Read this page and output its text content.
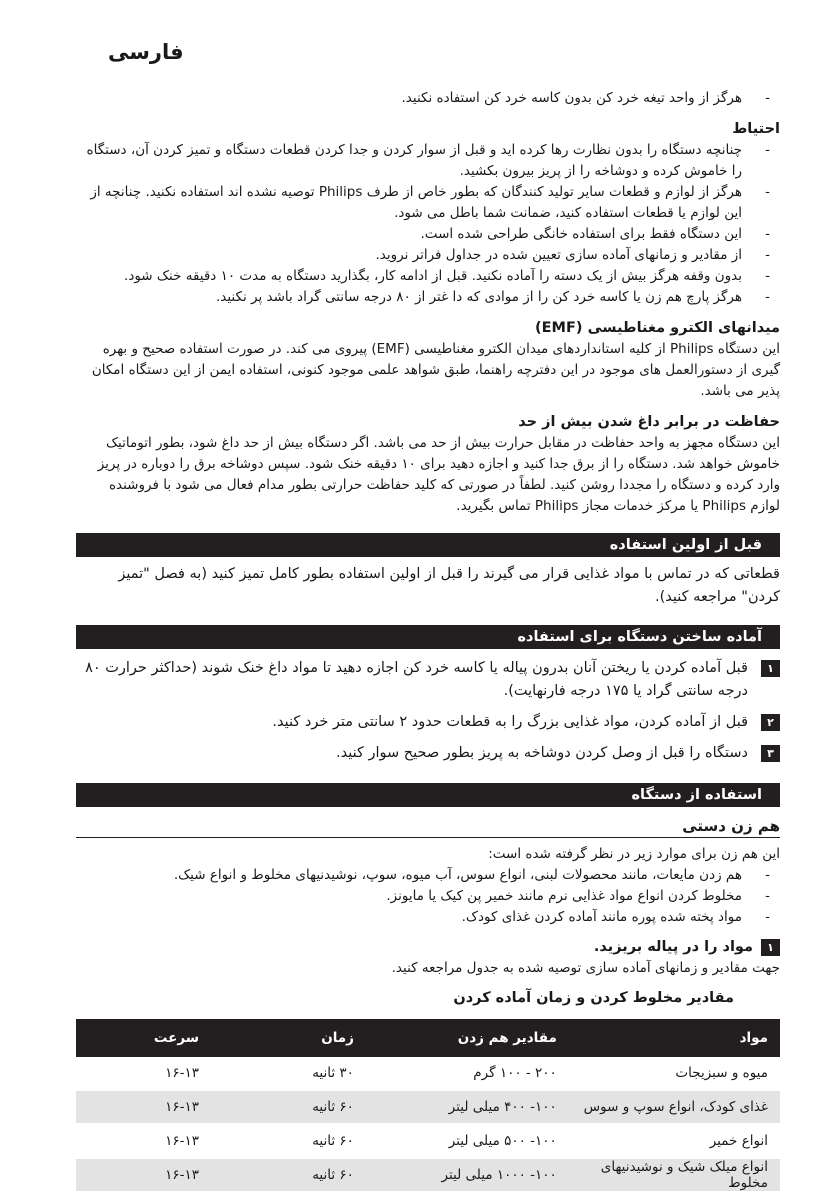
فارسی
- هرگز از واحد تیغه خرد کن بدون کاسه خرد کن استفاده نکنید.
احتیاط
- چنانچه دستگاه را بدون نظارت رها کرده اید و قبل از سوار کردن و جدا کردن قطعات دستگاه و تمیز کردن آن، دستگاه را خاموش کرده و دوشاخه را از پریز بیرون بکشید.
- هرگز از لوازم و قطعات سایر تولید کنندگان که بطور خاص از طرف Philips توصیه نشده اند استفاده نکنید. چنانچه از این لوازم یا قطعات استفاده کنید، ضمانت شما باطل می شود.
- این دستگاه فقط برای استفاده خانگی طراحی شده است.
- از مقادیر و زمانهای آماده سازی تعیین شده در جداول فراتر نروید.
- بدون وقفه هرگز بیش از یک دسته را آماده نکنید. قبل از ادامه کار، بگذارید دستگاه به مدت ۱۰ دقیقه خنک شود.
- هرگز پارچ هم زن یا کاسه خرد کن را از موادی که دا غتر از ۸۰ درجه سانتی گراد باشد پر نکنید.
میدانهای الکترو مغناطیسی (EMF)

این دستگاه Philips از کلیه استانداردهای میدان الکترو مغناطیسی (EMF) پیروی می کند. در صورت استفاده صحیح و بهره گیری از دستورالعمل های موجود در این دفترچه راهنما، طبق شواهد علمی موجود کنونی، استفاده ایمن از این دستگاه امکان پذیر می باشد.

حفاظت در برابر داغ شدن بیش از حد

این دستگاه مجهز به واحد حفاظت در مقابل حرارت بیش از حد می باشد. اگر دستگاه بیش از حد داغ شود، بطور اتوماتیک خاموش خواهد شد. دستگاه را از برق جدا کنید و اجازه دهید برای ۱۰ دقیقه خنک شود. سپس دوشاخه برق را دوباره در پریز وارد کرده و دستگاه را مجددا روشن کنید. لطفاً در صورتی که کلید حفاظت حرارتی بطور مدام فعال می شود با فروشنده لوازم Philips یا مرکز خدمات مجاز Philips تماس بگیرید.

قبل از اولین استفاده

قطعاتی که در تماس با مواد غذایی قرار می گیرند را قبل از اولین استفاده بطور کامل تمیز کنید (به فصل "تمیز کردن" مراجعه کنید).

آماده ساختن دستگاه برای استفاده
۱
قبل آماده کردن یا ریختن آنان بدرون پیاله یا کاسه خرد کن اجازه دهید تا مواد داغ خنک شوند (حداکثر حرارت ۸۰ درجه سانتی گراد یا ۱۷۵ درجه فارنهایت).
۲
قبل از آماده کردن، مواد غذایی بزرگ را به قطعات حدود ۲ سانتی متر خرد کنید.
۳
دستگاه را قبل از وصل کردن دوشاخه به پریز بطور صحیح سوار کنید.
استفاده از دستگاه
هم زن دستی

این هم زن برای موارد زیر در نظر گرفته شده است:

- هم زدن مایعات، مانند محصولات لبنی، انواع سوس، آب میوه، سوپ، نوشیدنیهای مخلوط و انواع شیک.
- مخلوط کردن انواع مواد غذایی نرم مانند خمیر پن کیک یا مایونز.
- مواد پخته شده پوره مانند آماده کردن غذای کودک.
۱مواد را در پیاله بریزید.

جهت مقادیر و زمانهای آماده سازی توصیه شده به جدول مراجعه کنید.

مقادیر مخلوط کردن و زمان آماده کردن
مواد	مقادیر هم زدن	زمان	سرعت
میوه و سبزیجات	۲۰۰ - ۱۰۰ گرم	۳۰ ثانیه	۱۶-۱۳
غذای کودک، انواع سوپ و سوس	۱۰۰- ۴۰۰ میلی لیتر	۶۰ ثانیه	۱۶-۱۳
انواع خمیر	۱۰۰- ۵۰۰ میلی لیتر	۶۰ ثانیه	۱۶-۱۳
انواع میلک شیک و نوشیدنیهای مخلوط	۱۰۰- ۱۰۰۰ میلی لیتر	۶۰ ثانیه	۱۶-۱۳
